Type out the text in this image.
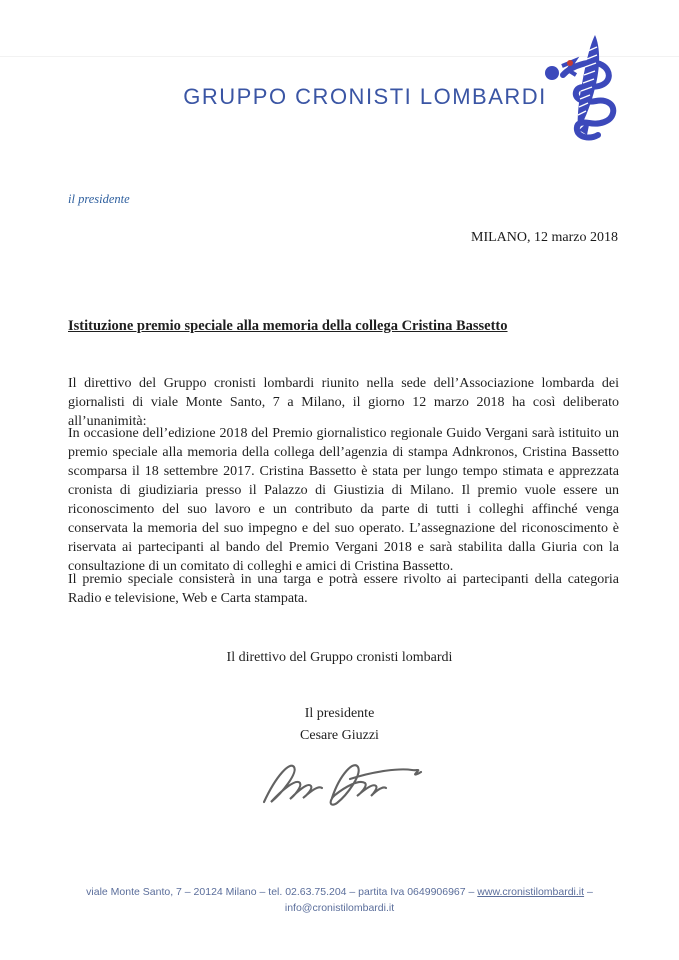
GRUPPO CRONISTI LOMBARDI
il presidente
MILANO, 12 marzo 2018
Istituzione premio speciale alla memoria della collega Cristina Bassetto

Il direttivo del Gruppo cronisti lombardi riunito nella sede dell’Associazione lombarda dei giornalisti di viale Monte Santo, 7 a Milano, il giorno 12 marzo 2018 ha così deliberato all’unanimità:

In occasione dell’edizione 2018 del Premio giornalistico regionale Guido Vergani sarà istituito un premio speciale alla memoria della collega dell’agenzia di stampa Adnkronos, Cristina Bassetto scomparsa il 18 settembre 2017. Cristina Bassetto è stata per lungo tempo stimata e apprezzata cronista di giudiziaria presso il Palazzo di Giustizia di Milano. Il premio vuole essere un riconoscimento del suo lavoro e un contributo da parte di tutti i colleghi affinché venga conservata la memoria del suo impegno e del suo operato. L’assegnazione del riconoscimento è riservata ai partecipanti al bando del Premio Vergani 2018 e sarà stabilita dalla Giuria con la consultazione di un comitato di colleghi e amici di Cristina Bassetto.

Il premio speciale consisterà in una targa e potrà essere rivolto ai partecipanti della categoria Radio e televisione, Web e Carta stampata.

Il direttivo del Gruppo cronisti lombardi
Il presidente
Cesare Giuzzi
viale Monte Santo, 7 – 20124 Milano – tel. 02.63.75.204 – partita Iva 0649906967 – www.cronistilombardi.it –
info@cronistilombardi.it
